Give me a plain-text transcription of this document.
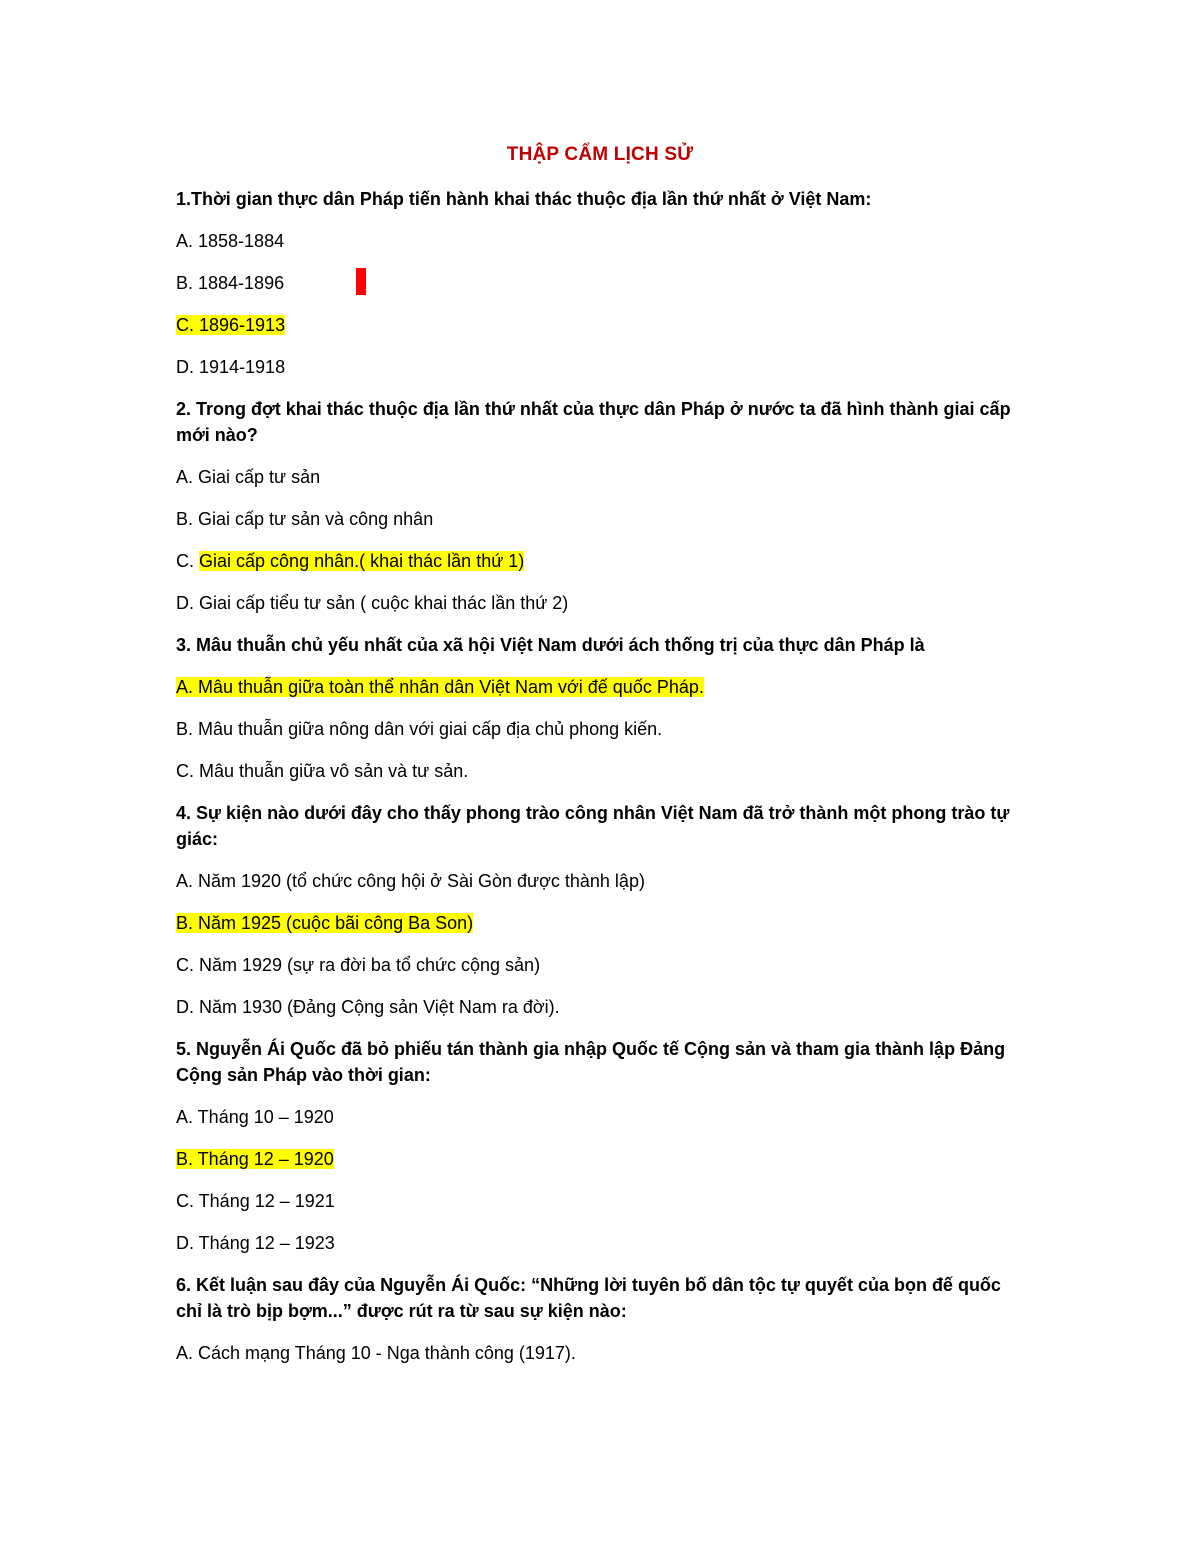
THẬP CẨM LỊCH SỬ
1.Thời gian thực dân Pháp tiến hành khai thác thuộc địa lần thứ nhất ở Việt Nam:
A. 1858-1884
B. 1884-1896
C. 1896-1913
D. 1914-1918
2. Trong đợt khai thác thuộc địa lần thứ nhất của thực dân Pháp ở nước ta đã hình thành giai cấp mới nào?
A. Giai cấp tư sản
B. Giai cấp tư sản và công nhân
C. Giai cấp công nhân.( khai thác lần thứ 1)
D. Giai cấp tiểu tư sản ( cuộc khai thác lần thứ 2)
3. Mâu thuẫn chủ yếu nhất của xã hội Việt Nam dưới ách thống trị của thực dân Pháp là
A. Mâu thuẫn giữa toàn thể nhân dân Việt Nam với đế quốc Pháp.
B. Mâu thuẫn giữa nông dân với giai cấp địa chủ phong kiến.
C. Mâu thuẫn giữa vô sản và tư sản.
4. Sự kiện nào dưới đây cho thấy phong trào công nhân Việt Nam đã trở thành một phong trào tự giác:
A. Năm 1920 (tổ chức công hội ở Sài Gòn được thành lập)
B. Năm 1925 (cuộc bãi công Ba Son)
C. Năm 1929 (sự ra đời ba tổ chức cộng sản)
D. Năm 1930 (Đảng Cộng sản Việt Nam ra đời).
5. Nguyễn Ái Quốc đã bỏ phiếu tán thành gia nhập Quốc tế Cộng sản và tham gia thành lập Đảng Cộng sản Pháp vào thời gian:
A. Tháng 10 – 1920
B. Tháng 12 – 1920
C. Tháng 12 – 1921
D. Tháng 12 – 1923
6. Kết luận sau đây của Nguyễn Ái Quốc: “Những lời tuyên bố dân tộc tự quyết của bọn đế quốc chỉ là trò bịp bợm...” được rút ra từ sau sự kiện nào:
A. Cách mạng Tháng 10 - Nga thành công (1917).
